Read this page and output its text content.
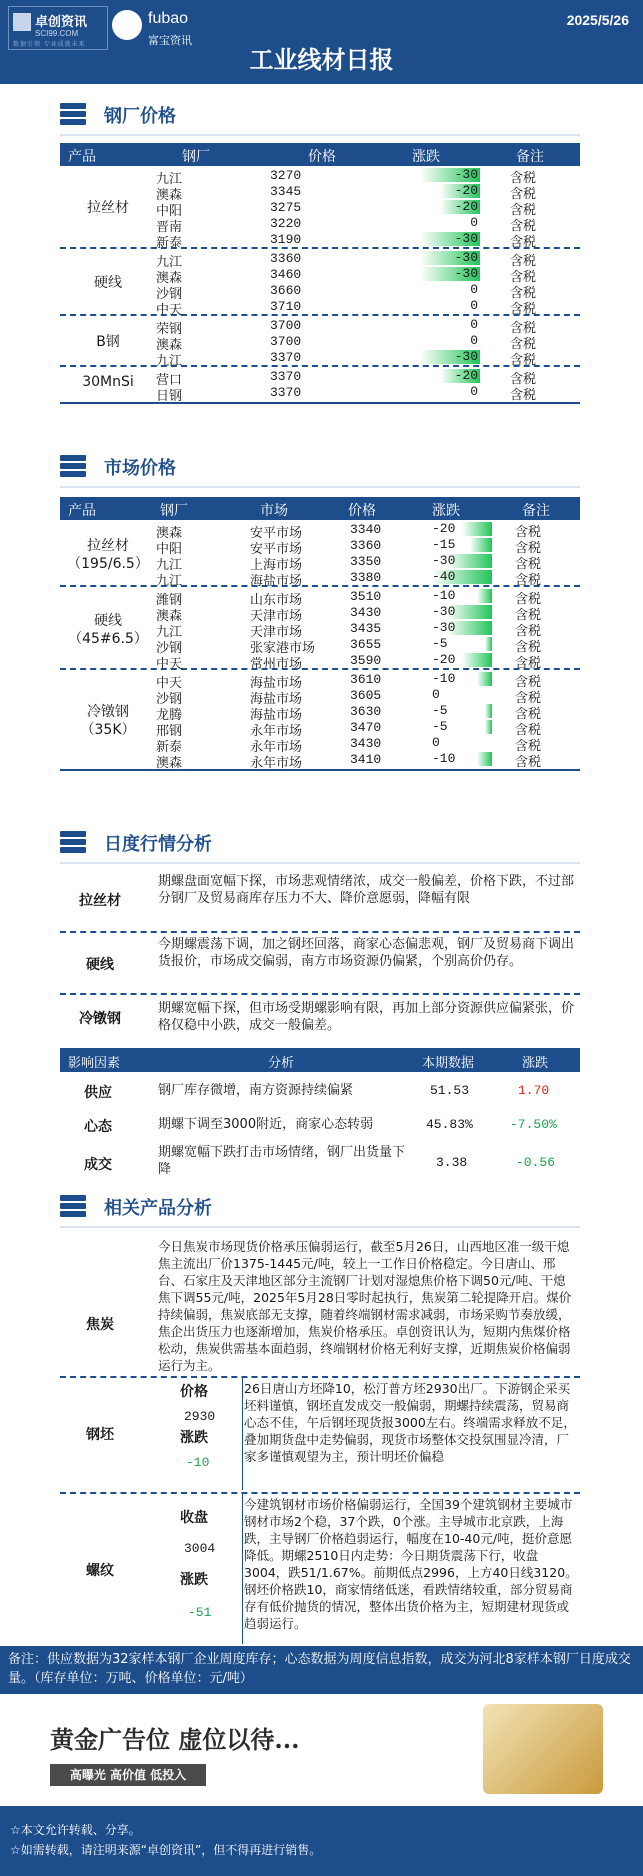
卓创资讯
SCI99.COM
数据引领 专业成就未来
fubao
富宝资讯
2025/5/26
工业线材日报
钢厂价格
产品	钢厂	价格	涨跌	备注
九江	3270	-30 含税
澳森	3345	-20 含税
中阳	3275	-20 含税
晋南	3220	0 含税
新泰	3190	-30 含税
拉丝材
九江	3360	-30 含税
澳森	3460	-30 含税
沙钢	3660	0 含税
中天	3710	0 含税
硬线
荣钢	3700	0 含税
澳森	3700	0 含税
九江	3370	-30 含税
B钢
营口	3370	-20 含税
日钢	3370	0 含税
30MnSi
市场价格
产品	钢厂	市场	价格	涨跌	备注
澳森	安平市场	3340	-20	含税
中阳	安平市场	3360	-15	含税
九江	上海市场	3350	-30	含税
九江	海盐市场	3380	-40	含税
拉丝材
（195/6.5）
潍钢	山东市场	3510	-10	含税
澳森	天津市场	3430	-30	含税
九江	天津市场	3435	-30	含税
沙钢	张家港市场	3655	-5	含税
中天	常州市场	3590	-20	含税
硬线
（45#6.5）
中天	海盐市场	3610	-10	含税
沙钢	海盐市场	3605	0	含税
龙腾	海盐市场	3630	-5	含税
邢钢	永年市场	3470	-5	含税
新泰	永年市场	3430	0	含税
澳森	永年市场	3410	-10	含税
冷镦钢
（35K）
日度行情分析
拉丝材
期螺盘面宽幅下探，市场悲观情绪浓，成交一般偏差，价格下跌，不过部分钢厂及贸易商库存压力不大、降价意愿弱，降幅有限
硬线
今期螺震荡下调，加之钢坯回落，商家心态偏悲观，钢厂及贸易商下调出货报价，市场成交偏弱，南方市场资源仍偏紧，个别高价仍存。
冷镦钢
期螺宽幅下探，但市场受期螺影响有限，再加上部分资源供应偏紧张，价格仅稳中小跌，成交一般偏差。
影响因素	分析	本期数据	涨跌
供应	钢厂库存微增，南方资源持续偏紧	51.53	1.70
心态	期螺下调至3000附近，商家心态转弱	45.83%	-7.50%
成交
期螺宽幅下跌打击市场情绪，钢厂出货量下降	3.38	-0.56
相关产品分析
焦炭
今日焦炭市场现货价格承压偏弱运行，截至5月26日，山西地区准一级干熄焦主流出厂价1375-1445元/吨，较上一工作日价格稳定。今日唐山、邢台、石家庄及天津地区部分主流钢厂计划对湿熄焦价格下调50元/吨、干熄焦下调55元/吨，2025年5月28日零时起执行，焦炭第二轮提降开启。煤价持续偏弱，焦炭底部无支撑，随着终端钢材需求减弱，市场采购节奏放缓，焦企出货压力也逐渐增加，焦炭价格承压。卓创资讯认为，短期内焦煤价格松动，焦炭供需基本面趋弱，终端钢材价格无利好支撑，近期焦炭价格偏弱运行为主。
钢坯
价格
2930
涨跌
-10
26日唐山方坯降10，松汀普方坯2930出厂。下游钢企采买坯料谨慎，钢坯直发成交一般偏弱，期螺持续震荡，贸易商心态不佳，午后钢坯现货报3000左右。终端需求释放不足，叠加期货盘中走势偏弱，现货市场整体交投氛围显冷清，厂家多谨慎观望为主，预计明坯价偏稳
螺纹
收盘
3004
涨跌
-51
今建筑钢材市场价格偏弱运行，全国39个建筑钢材主要城市钢材市场2个稳，37个跌，0个涨。主导城市北京跌，上海跌，主导钢厂价格趋弱运行，幅度在10-40元/吨，挺价意愿降低。期螺2510日内走势：今日期货震荡下行，收盘3004，跌51/1.67%。前期低点2996，上方40日线3120。钢坯价格跌10，商家情绪低迷，看跌情绪较重，部分贸易商存有低价抛货的情况，整体出货价格为主，短期建材现货或趋弱运行。
备注：供应数据为32家样本钢厂企业周度库存；心态数据为周度信息指数，成交为河北8家样本钢厂日度成交量。（库存单位：万吨、价格单位：元/吨）
黄金广告位 虚位以待...
高曝光 高价值 低投入
☆本文允许转载、分享。
☆如需转载，请注明来源“卓创资讯”，但不得再进行销售。
